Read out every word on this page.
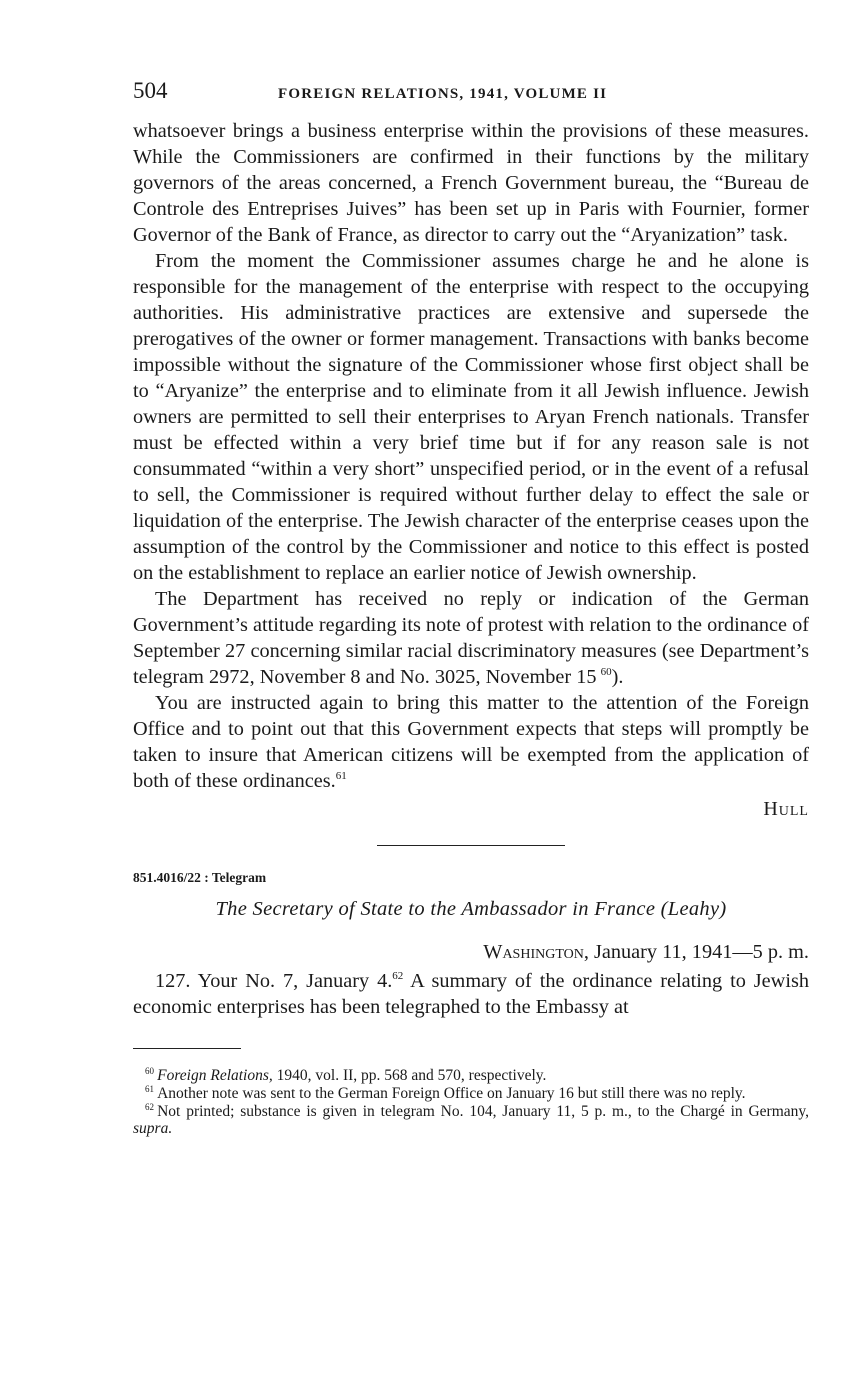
504	FOREIGN RELATIONS, 1941, VOLUME II

whatsoever brings a business enterprise within the provisions of these measures. While the Commissioners are confirmed in their functions by the military governors of the areas concerned, a French Government bureau, the “Bureau de Controle des Entreprises Juives” has been set up in Paris with Fournier, former Governor of the Bank of France, as director to carry out the “Aryanization” task.

From the moment the Commissioner assumes charge he and he alone is responsible for the management of the enterprise with respect to the occupying authorities. His administrative practices are extensive and supersede the prerogatives of the owner or former management. Transactions with banks become impossible without the signature of the Commissioner whose first object shall be to “Aryanize” the enterprise and to eliminate from it all Jewish influence. Jewish owners are permitted to sell their enterprises to Aryan French nationals. Transfer must be effected within a very brief time but if for any reason sale is not consummated “within a very short” unspecified period, or in the event of a refusal to sell, the Commissioner is required without further delay to effect the sale or liquidation of the enterprise. The Jewish character of the enterprise ceases upon the assumption of the control by the Commissioner and notice to this effect is posted on the establishment to replace an earlier notice of Jewish ownership.

The Department has received no reply or indication of the German Government’s attitude regarding its note of protest with relation to the ordinance of September 27 concerning similar racial discriminatory measures (see Department’s telegram 2972, November 8 and No. 3025, November 15  $^{60}$).

You are instructed again to bring this matter to the attention of the Foreign Office and to point out that this Government expects that steps will promptly be taken to insure that American citizens will be exempted from the application of both of these ordinances.$^{61}$

Hull
851.4016/22 : Telegram
The Secretary of State to the Ambassador in France (Leahy)
Washington, January 11, 1941—5 p. m.

127. Your No. 7, January 4.62 A summary of the ordinance relating to Jewish economic enterprises has been telegraphed to the Embassy at

$^{60}$  Foreign Relations, 1940, vol. II, pp. 568 and 570, respectively.

$^{61}$  Another note was sent to the German Foreign Office on January 16 but still there was no reply.

$^{62}$  Not printed; substance is given in telegram No. 104, January 11, 5 p. m., to the Chargé in Germany, supra.
